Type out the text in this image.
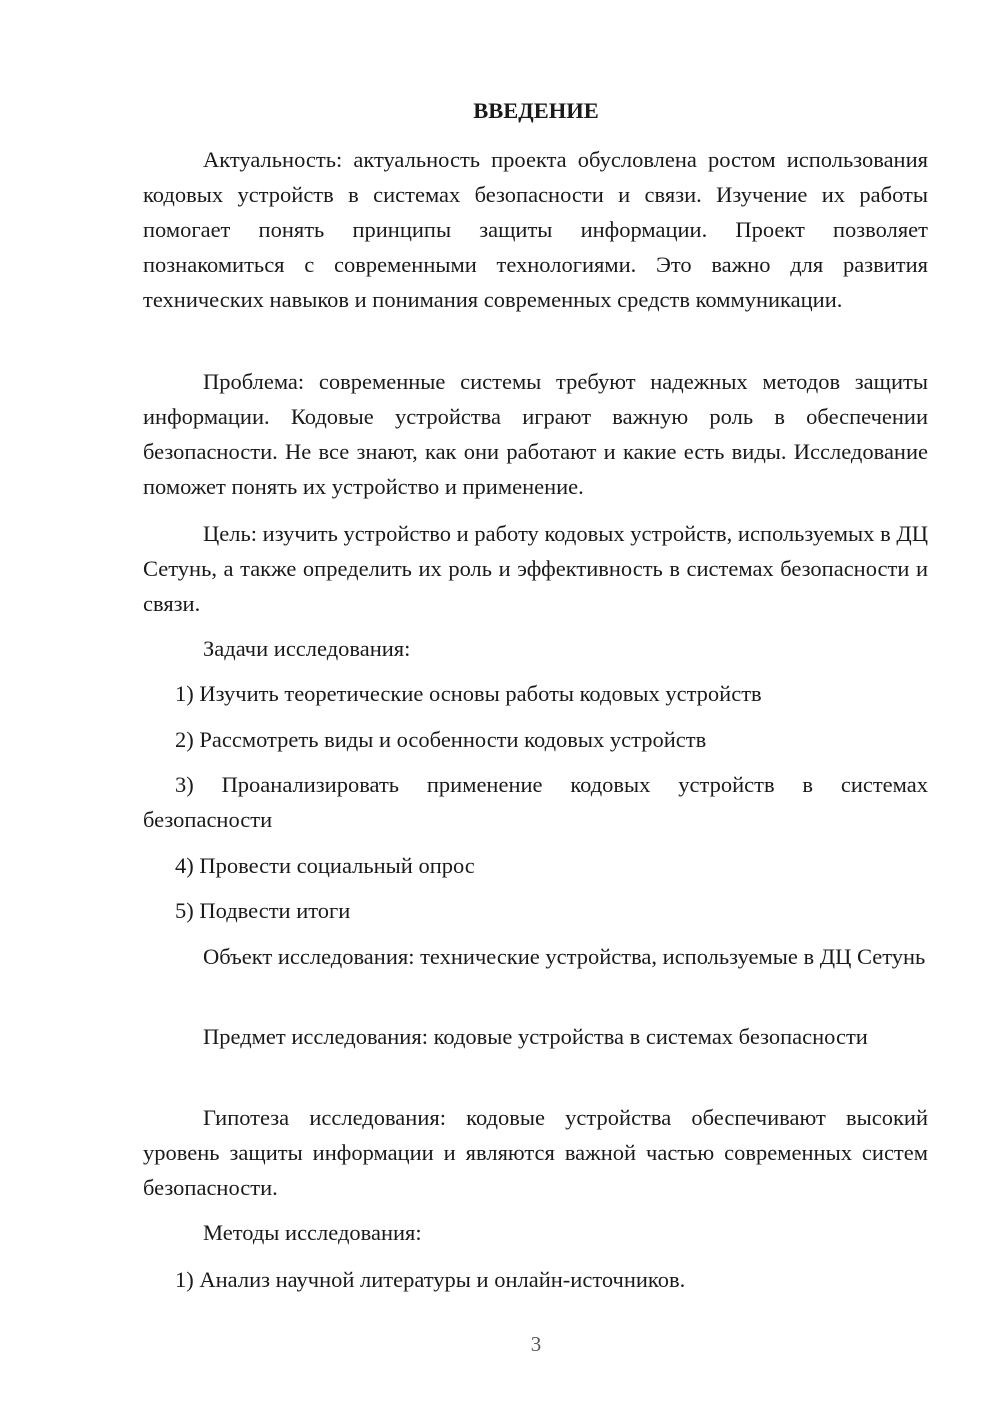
ВВЕДЕНИЕ

Актуальность: актуальность проекта обусловлена ростом использования кодовых устройств в системах безопасности и связи. Изучение их работы помогает понять принципы защиты информации. Проект позволяет познакомиться с современными технологиями. Это важно для развития технических навыков и понимания современных средств коммуникации.

Проблема: современные системы требуют надежных методов защиты информации. Кодовые устройства играют важную роль в обеспечении безопасности. Не все знают, как они работают и какие есть виды. Исследование поможет понять их устройство и применение.

Цель: изучить устройство и работу кодовых устройств, используемых в ДЦ Сетунь, а также определить их роль и эффективность в системах безопасности и связи.

Задачи исследования:

1) Изучить теоретические основы работы кодовых устройств

2) Рассмотреть виды и особенности кодовых устройств

3) Проанализировать применение кодовых устройств в системах безопасности

4) Провести социальный опрос

5) Подвести итоги

Объект исследования: технические устройства, используемые в ДЦ Сетунь

Предмет исследования: кодовые устройства в системах безопасности

Гипотеза исследования: кодовые устройства обеспечивают высокий уровень защиты информации и являются важной частью современных систем безопасности.

Методы исследования:

1) Анализ научной литературы и онлайн-источников.

3
